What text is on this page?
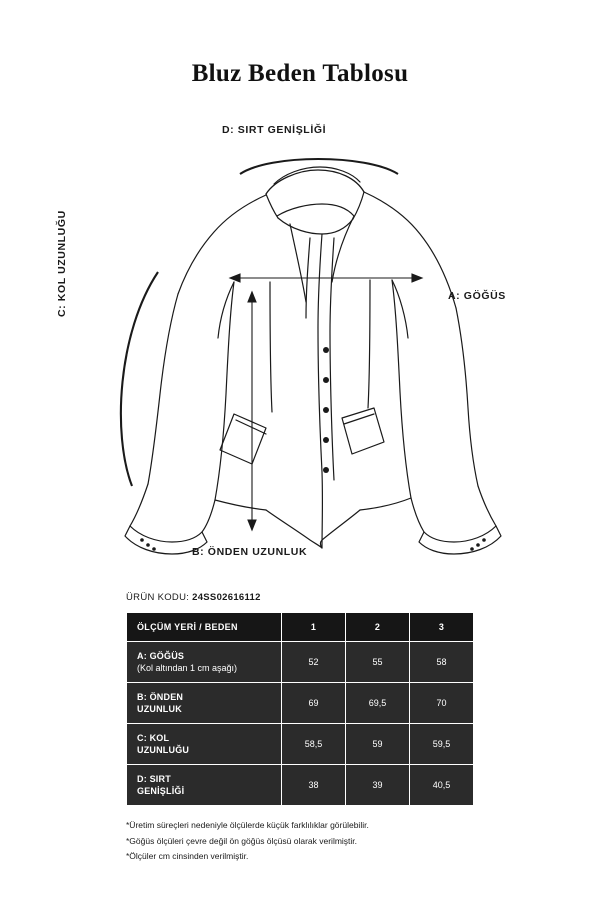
Bluz Beden Tablosu
D: SIRT GENİŞLİĞİ
A: GÖĞÜS
B: ÖNDEN UZUNLUK
C: KOL UZUNLUĞU
ÜRÜN KODU: 24SS02616112
ÖLÇÜM YERİ / BEDEN	1	2	3

A: GÖĞÜS
(Kol altından 1 cm aşağı)	52	55	58

B: ÖNDEN
UZUNLUK	69	69,5	70

C: KOL
UZUNLUĞU	58,5	59	59,5

D: SIRT
GENİŞLİĞİ	38	39	40,5
*Üretim süreçleri nedeniyle ölçülerde küçük farklılıklar görülebilir.
*Göğüs ölçüleri çevre değil ön göğüs ölçüsü olarak verilmiştir.
*Ölçüler cm cinsinden verilmiştir.
